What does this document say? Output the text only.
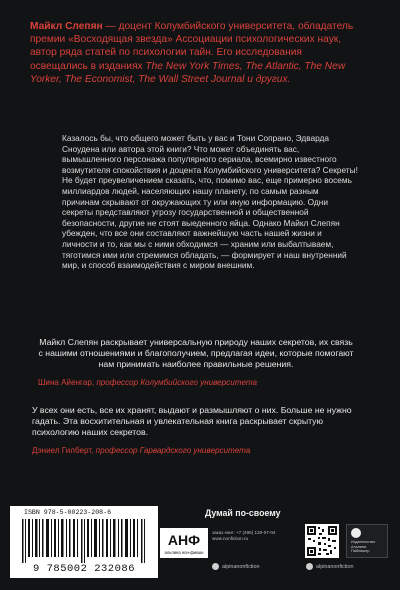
Майкл Слепян — доцент Колумбийского университета, обладатель премии «Восходящая звезда» Ассоциации психологических наук, автор ряда статей по психологии тайн. Его исследования освещались в изданиях The New York Times, The Atlantic, The New Yorker, The Economist, The Wall Street Journal и других.
Казалось бы, что общего может быть у вас и Тони Сопрано, Эдварда Сноудена или автора этой книги? Что может объединять вас, вымышленного персонажа популярного сериала, всемирно известного возмутителя спокойствия и доцента Колумбийского университета? Секреты! Не будет преувеличением сказать, что, помимо вас, еще примерно восемь миллиардов людей, населяющих нашу планету, по самым разным причинам скрывают от окружающих ту или иную информацию. Одни секреты представляют угрозу государственной и общественной безопасности, другие не стоят выеденного яйца. Однако Майкл Слепян убежден, что все они составляют важнейшую часть нашей жизни и личности и то, как мы с ними обходимся — храним или выбалтываем, тяготимся ими или стремимся обладать, — формирует и наш внутренний мир, и способ взаимодействия с миром внешним.
Майкл Слепян раскрывает универсальную природу наших секретов, их связь с нашими отношениями и благополучием, предлагая идеи, которые помогают нам принимать наиболее правильные решения.
Шина Айенгар, профессор Колумбийского университета
У всех они есть, все их хранят, выдают и размышляют о них. Больше не нужно гадать. Эта восхитительная и увлекательная книга раскрывает скрытую психологию наших секретов.
Дэниел Гилберт, профессор Гарвардского университета
Думай по-своему
ISBN 978-5-00223-208-6
9 785002 232086
АНФ
альпина нон-фикшн
заказ книг: +7 (495) 120-07-04
www.nonfiction.ru
Издательство Альпина Паблишер
alpinanonfiction	alpinanonfiction
